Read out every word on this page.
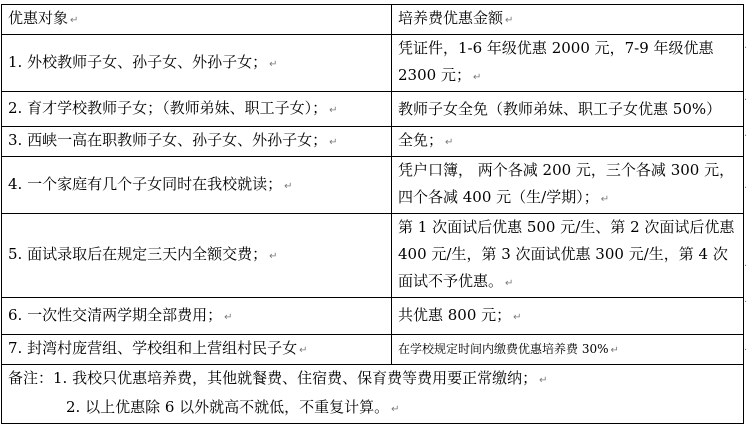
优惠对象 ↵	培养费优惠金额 ↵
1. 外校教师子女、孙子女、外孙子女； ↵	凭证件，1-6 年级优惠 2000 元，7-9 年级优惠 2300 元； ↵
2. 育才学校教师子女；（教师弟妹、职工子女）； ↵	教师子女全免（教师弟妹、职工子女优惠 50%）
3. 西峡一高在职教师子女、孙子女、外孙子女； ↵	全免； ↵
4. 一个家庭有几个子女同时在我校就读； ↵	凭户口簿， 两个各减 200 元，三个各减 300 元，四个各减 400 元（生/学期）； ↵
5. 面试录取后在规定三天内全额交费； ↵	第 1 次面试后优惠 500 元/生、第 2 次面试后优惠 400 元/生，第 3 次面试优惠 300 元/生，第 4 次面试不予优惠。 ↵
6. 一次性交清两学期全部费用； ↵	共优惠 800 元； ↵
7. 封湾村庞营组、学校组和上营组村民子女 ↵	在学校规定时间内缴费优惠培养费 30% ↵

备注：1. 我校只优惠培养费，其他就餐费、住宿费、保育费等费用要正常缴纳； ↵
2. 以上优惠除 6 以外就高不就低，不重复计算。 ↵	
·
·
·
·
·
·
·
